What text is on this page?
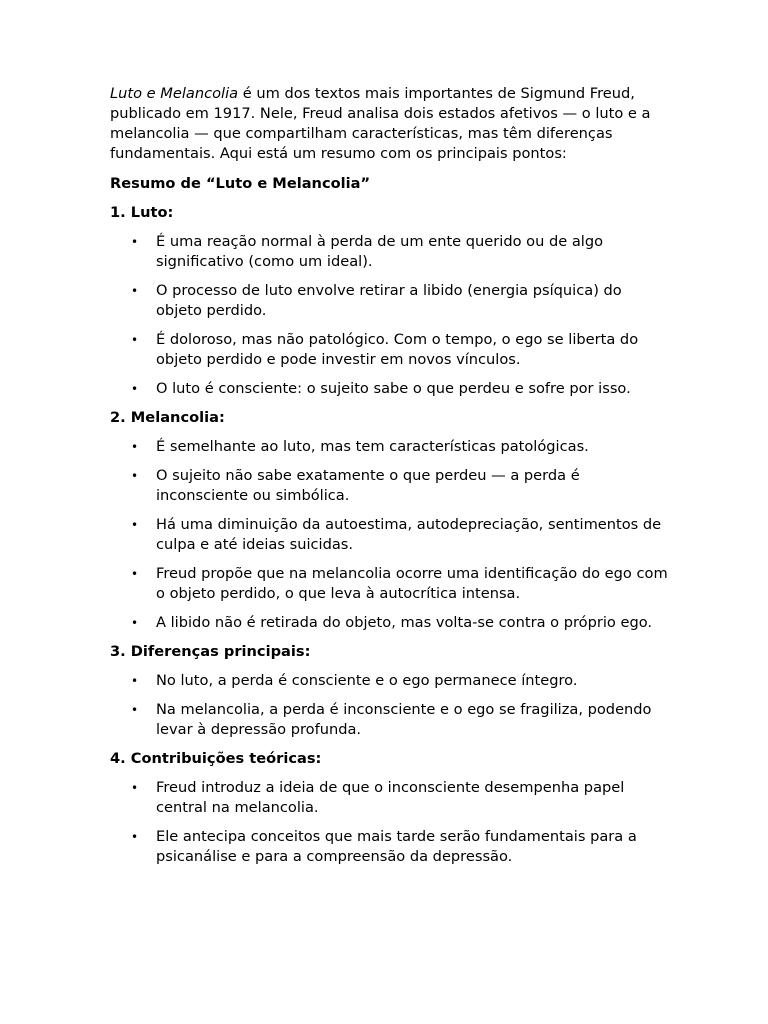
Luto e Melancolia é um dos textos mais importantes de Sigmund Freud, publicado em 1917. Nele, Freud analisa dois estados afetivos — o luto e a melancolia — que compartilham características, mas têm diferenças fundamentais. Aqui está um resumo com os principais pontos:

Resumo de “Luto e Melancolia”
1. Luto:
• É uma reação normal à perda de um ente querido ou de algo significativo (como um ideal).
• O processo de luto envolve retirar a libido (energia psíquica) do objeto perdido.
• É doloroso, mas não patológico. Com o tempo, o ego se liberta do objeto perdido e pode investir em novos vínculos.
• O luto é consciente: o sujeito sabe o que perdeu e sofre por isso.
2. Melancolia:
• É semelhante ao luto, mas tem características patológicas.
• O sujeito não sabe exatamente o que perdeu — a perda é inconsciente ou simbólica.
• Há uma diminuição da autoestima, autodepreciação, sentimentos de culpa e até ideias suicidas.
• Freud propõe que na melancolia ocorre uma identificação do ego com o objeto perdido, o que leva à autocrítica intensa.
• A libido não é retirada do objeto, mas volta-se contra o próprio ego.
3. Diferenças principais:
• No luto, a perda é consciente e o ego permanece íntegro.
• Na melancolia, a perda é inconsciente e o ego se fragiliza, podendo levar à depressão profunda.
4. Contribuições teóricas:
• Freud introduz a ideia de que o inconsciente desempenha papel central na melancolia.
• Ele antecipa conceitos que mais tarde serão fundamentais para a psicanálise e para a compreensão da depressão.
